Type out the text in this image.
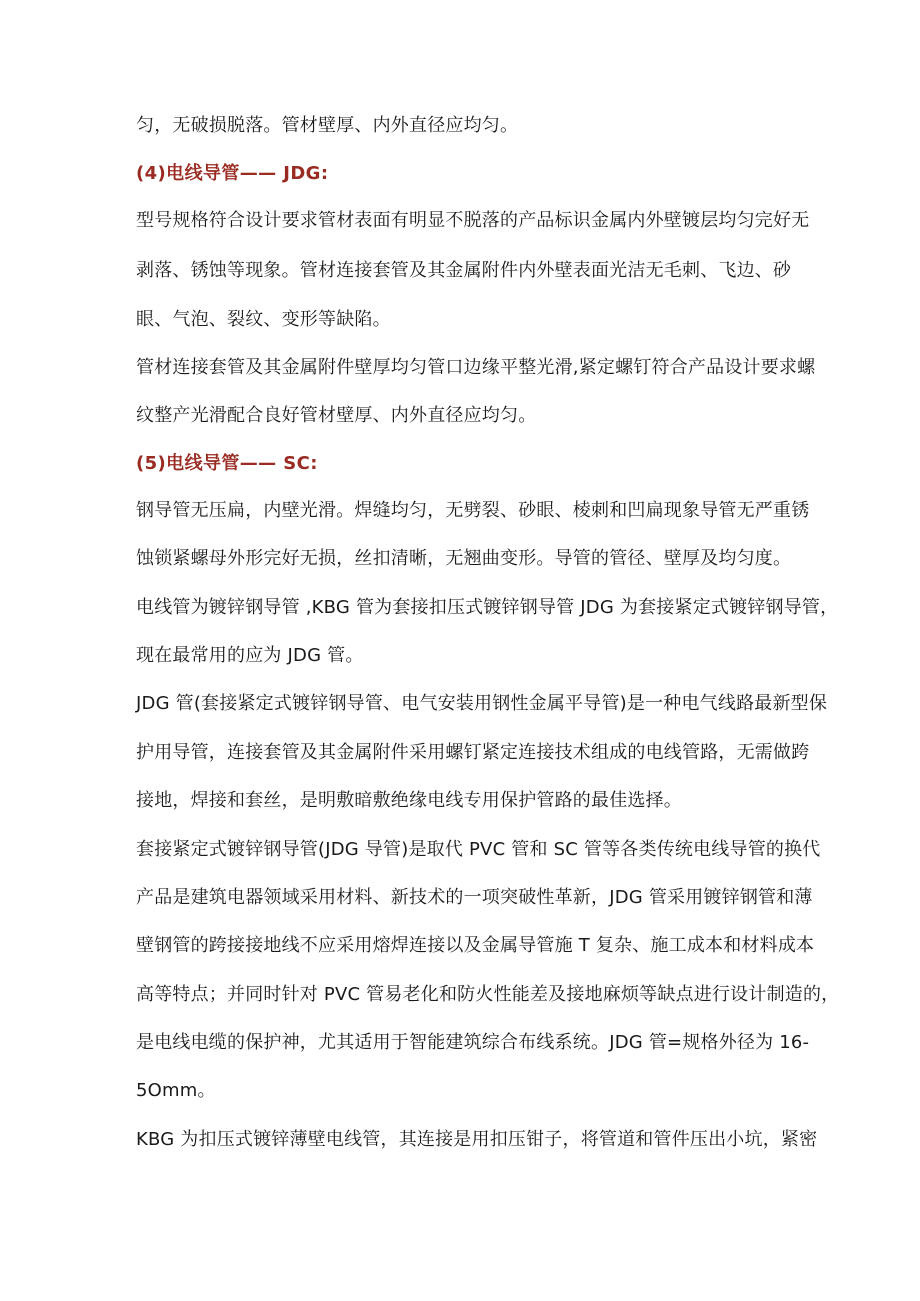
匀，无破损脱落。管材壁厚、内外直径应均匀。
(4)电线导管—— JDG:
型号规格符合设计要求管材表面有明显不脱落的产品标识金属内外壁镀层均匀完好无
剥落、锈蚀等现象。管材连接套管及其金属附件内外壁表面光洁无毛刺、飞边、砂
眼、气泡、裂纹、变形等缺陷。
管材连接套管及其金属附件壁厚均匀管口边缘平整光滑,紧定螺钉符合产品设计要求螺
纹整产光滑配合良好管材壁厚、内外直径应均匀。
(5)电线导管—— SC:
钢导管无压扁，内壁光滑。焊缝均匀，无劈裂、砂眼、棱刺和凹扁现象导管无严重锈
蚀锁紧螺母外形完好无损，丝扣清晰，无翘曲变形。导管的管径、壁厚及均匀度。
电线管为镀锌钢导管 ,KBG 管为套接扣压式镀锌钢导管 JDG 为套接紧定式镀锌钢导管，
现在最常用的应为 JDG 管。
JDG 管(套接紧定式镀锌钢导管、电气安装用钢性金属平导管)是一种电气线路最新型保
护用导管，连接套管及其金属附件采用螺钉紧定连接技术组成的电线管路，无需做跨
接地，焊接和套丝，是明敷暗敷绝缘电线专用保护管路的最佳选择。
套接紧定式镀锌钢导管(JDG 导管)是取代 PVC 管和 SC 管等各类传统电线导管的换代
产品是建筑电器领域采用材料、新技术的一项突破性革新，JDG 管采用镀锌钢管和薄
壁钢管的跨接接地线不应采用熔焊连接以及金属导管施 T 复杂、施工成本和材料成本
高等特点；并同时针对 PVC 管易老化和防火性能差及接地麻烦等缺点进行设计制造的，
是电线电缆的保护神，尤其适用于智能建筑综合布线系统。JDG 管=规格外径为 16-
5Omm。
KBG 为扣压式镀锌薄壁电线管，其连接是用扣压钳子，将管道和管件压出小坑，紧密
